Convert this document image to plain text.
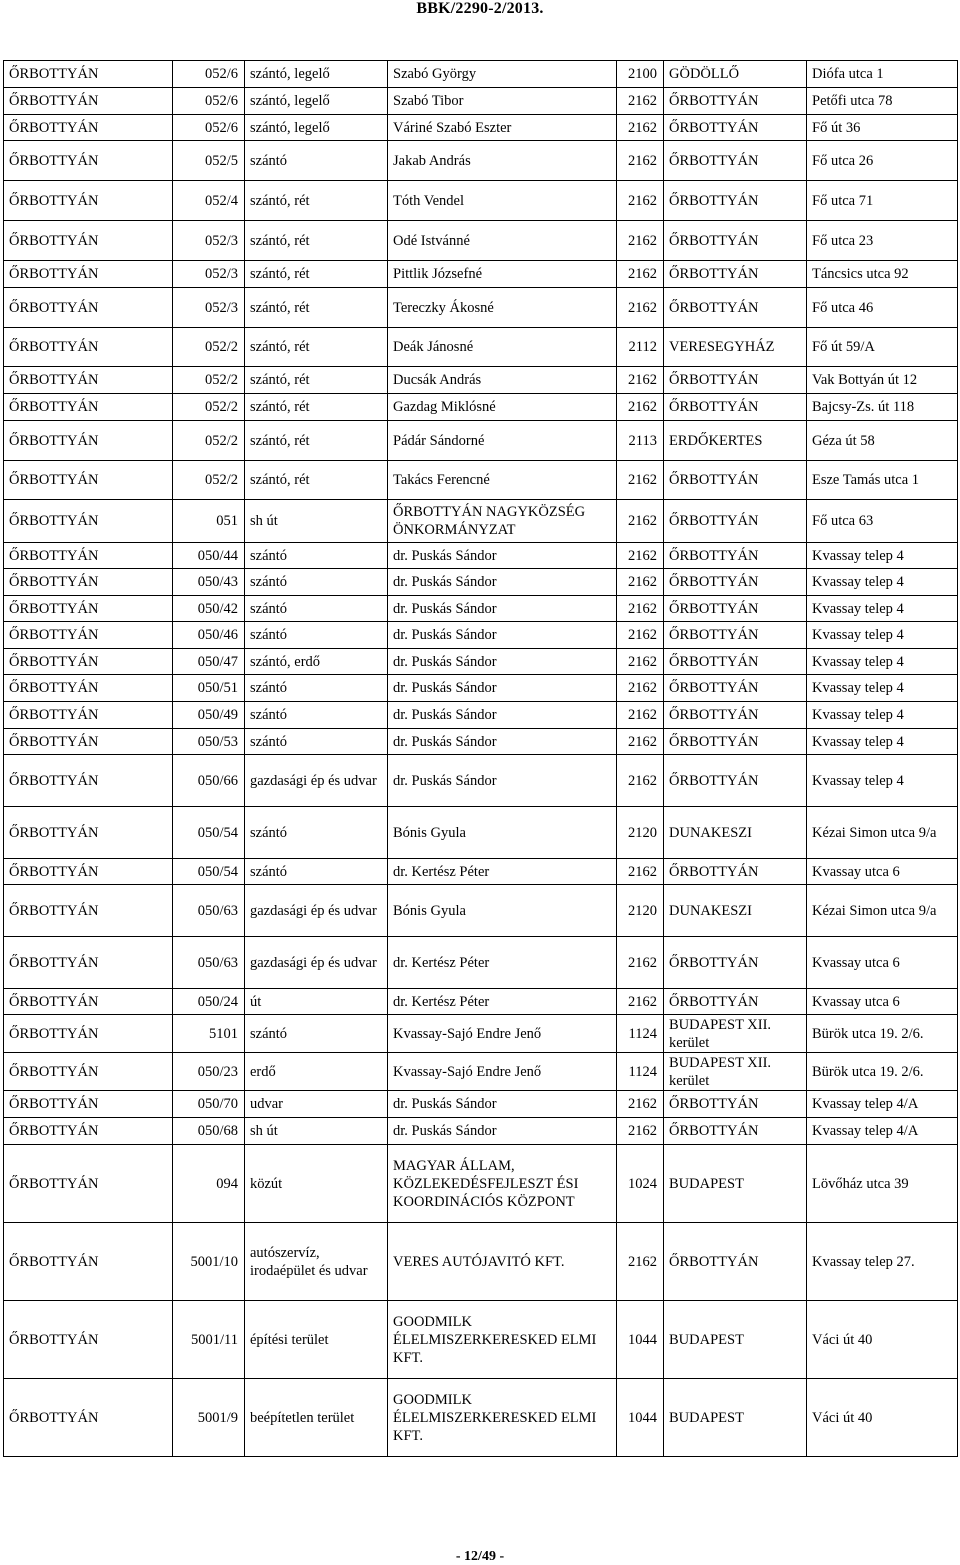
BBK/2290-2/2013.
ŐRBOTTYÁN	052/6	szántó, legelő	Szabó György	2100	GÖDÖLLŐ	Diófa utca 1
ŐRBOTTYÁN	052/6	szántó, legelő	Szabó Tibor	2162	ŐRBOTTYÁN	Petőfi utca 78
ŐRBOTTYÁN	052/6	szántó, legelő	Váriné Szabó Eszter	2162	ŐRBOTTYÁN	Fő út 36
ŐRBOTTYÁN	052/5	szántó	Jakab András	2162	ŐRBOTTYÁN	Fő utca 26
ŐRBOTTYÁN	052/4	szántó, rét	Tóth Vendel	2162	ŐRBOTTYÁN	Fő utca 71
ŐRBOTTYÁN	052/3	szántó, rét	Odé Istvánné	2162	ŐRBOTTYÁN	Fő utca 23
ŐRBOTTYÁN	052/3	szántó, rét	Pittlik Józsefné	2162	ŐRBOTTYÁN	Táncsics utca 92
ŐRBOTTYÁN	052/3	szántó, rét	Tereczky Ákosné	2162	ŐRBOTTYÁN	Fő utca 46
ŐRBOTTYÁN	052/2	szántó, rét	Deák Jánosné	2112	VERESEGYHÁZ	Fő út 59/A
ŐRBOTTYÁN	052/2	szántó, rét	Ducsák András	2162	ŐRBOTTYÁN	Vak Bottyán út 12
ŐRBOTTYÁN	052/2	szántó, rét	Gazdag Miklósné	2162	ŐRBOTTYÁN	Bajcsy-Zs. út 118
ŐRBOTTYÁN	052/2	szántó, rét	Pádár Sándorné	2113	ERDŐKERTES	Géza út 58
ŐRBOTTYÁN	052/2	szántó, rét	Takács Ferencné	2162	ŐRBOTTYÁN	Esze Tamás utca 1
ŐRBOTTYÁN	051	sh út	ŐRBOTTYÁN NAGYKÖZSÉG ÖNKORMÁNYZAT	2162	ŐRBOTTYÁN	Fő utca 63
ŐRBOTTYÁN	050/44	szántó	dr. Puskás Sándor	2162	ŐRBOTTYÁN	Kvassay telep 4
ŐRBOTTYÁN	050/43	szántó	dr. Puskás Sándor	2162	ŐRBOTTYÁN	Kvassay telep 4
ŐRBOTTYÁN	050/42	szántó	dr. Puskás Sándor	2162	ŐRBOTTYÁN	Kvassay telep 4
ŐRBOTTYÁN	050/46	szántó	dr. Puskás Sándor	2162	ŐRBOTTYÁN	Kvassay telep 4
ŐRBOTTYÁN	050/47	szántó, erdő	dr. Puskás Sándor	2162	ŐRBOTTYÁN	Kvassay telep 4
ŐRBOTTYÁN	050/51	szántó	dr. Puskás Sándor	2162	ŐRBOTTYÁN	Kvassay telep 4
ŐRBOTTYÁN	050/49	szántó	dr. Puskás Sándor	2162	ŐRBOTTYÁN	Kvassay telep 4
ŐRBOTTYÁN	050/53	szántó	dr. Puskás Sándor	2162	ŐRBOTTYÁN	Kvassay telep 4
ŐRBOTTYÁN	050/66	gazdasági ép és udvar	dr. Puskás Sándor	2162	ŐRBOTTYÁN	Kvassay telep 4
ŐRBOTTYÁN	050/54	szántó	Bónis Gyula	2120	DUNAKESZI	Kézai Simon utca 9/a
ŐRBOTTYÁN	050/54	szántó	dr. Kertész Péter	2162	ŐRBOTTYÁN	Kvassay utca 6
ŐRBOTTYÁN	050/63	gazdasági ép és udvar	Bónis Gyula	2120	DUNAKESZI	Kézai Simon utca 9/a
ŐRBOTTYÁN	050/63	gazdasági ép és udvar	dr. Kertész Péter	2162	ŐRBOTTYÁN	Kvassay utca 6
ŐRBOTTYÁN	050/24	út	dr. Kertész Péter	2162	ŐRBOTTYÁN	Kvassay utca 6
ŐRBOTTYÁN	5101	szántó	Kvassay-Sajó Endre Jenő	1124	BUDAPEST XII. kerület	Bürök utca 19. 2/6.
ŐRBOTTYÁN	050/23	erdő	Kvassay-Sajó Endre Jenő	1124	BUDAPEST XII. kerület	Bürök utca 19. 2/6.
ŐRBOTTYÁN	050/70	udvar	dr. Puskás Sándor	2162	ŐRBOTTYÁN	Kvassay telep 4/A
ŐRBOTTYÁN	050/68	sh út	dr. Puskás Sándor	2162	ŐRBOTTYÁN	Kvassay telep 4/A
ŐRBOTTYÁN	094	közút	MAGYAR ÁLLAM, KÖZLEKEDÉSFEJLESZT ÉSI KOORDINÁCIÓS KÖZPONT	1024	BUDAPEST	Lövőház utca 39
ŐRBOTTYÁN	5001/10	autószervíz, irodaépület és udvar	VERES AUTÓJAVITÓ KFT.	2162	ŐRBOTTYÁN	Kvassay telep 27.
ŐRBOTTYÁN	5001/11	építési terület	GOODMILK ÉLELMISZERKERESKED ELMI KFT.	1044	BUDAPEST	Váci út 40
ŐRBOTTYÁN	5001/9	beépítetlen terület	GOODMILK ÉLELMISZERKERESKED ELMI KFT.	1044	BUDAPEST	Váci út 40
- 12/49 -
